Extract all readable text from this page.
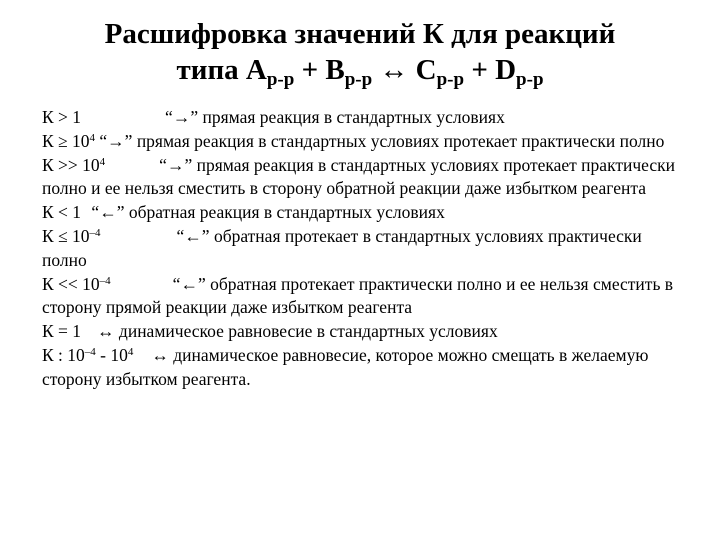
Расшифровка значений К для реакций
типа $A_{р-р} + B_{р-р}$ ↔ $C_{р-р} + D_{р-р}$
К > 1	“→” прямая реакция в стандартных условиях
$К \ge 10^4$ “→” прямая реакция в стандартных условиях протекает практически полно
$К >> 10^4$	“→” прямая реакция в стандартных условиях протекает практически полно и ее нельзя сместить в сторону обратной реакции даже избытком реагента
К < 1 “←” обратная реакция в стандартных условиях
$К \le 10^{-4}$	“←” обратная протекает в стандартных условиях практически полно
$К << 10^{-4}$	“←” обратная протекает практически полно и ее нельзя сместить в сторону прямой реакции даже избытком реагента
К = 1 ↔ динамическое равновесие в стандартных условиях
К : $10^{-4} - 10^4$ ↔ динамическое равновесие, которое можно смещать в желаемую сторону избытком реагента.
